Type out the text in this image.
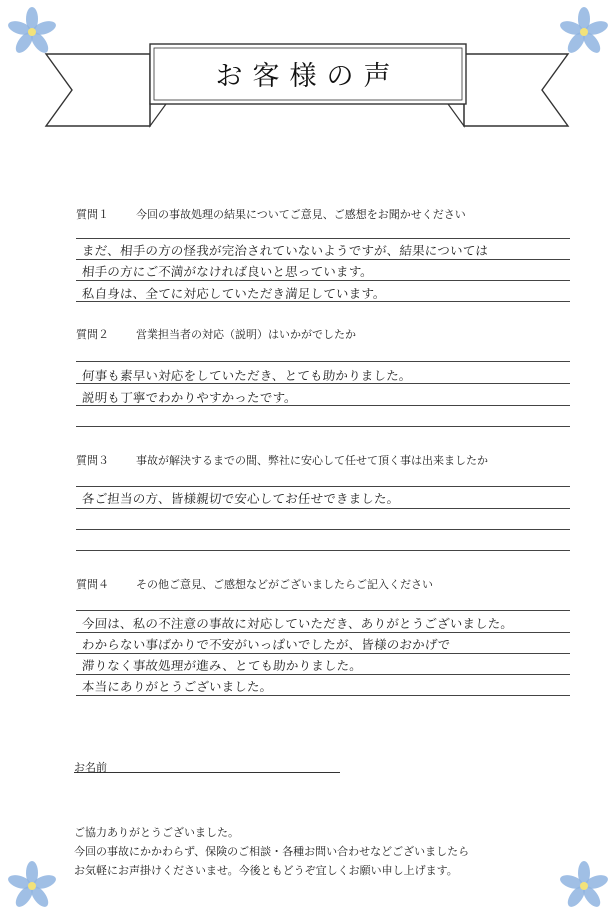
お客様の声
質問１ 今回の事故処理の結果についてご意見、ご感想をお聞かせください
まだ、相手の方の怪我が完治されていないようですが、結果については
相手の方にご不満がなければ良いと思っています。
私自身は、全てに対応していただき満足しています。
質問２ 営業担当者の対応（説明）はいかがでしたか
何事も素早い対応をしていただき、とても助かりました。
説明も丁寧でわかりやすかったです。
質問３ 事故が解決するまでの間、弊社に安心して任せて頂く事は出来ましたか
各ご担当の方、皆様親切で安心してお任せできました。
質問４ その他ご意見、ご感想などがございましたらご記入ください
今回は、私の不注意の事故に対応していただき、ありがとうございました。
わからない事ばかりで不安がいっぱいでしたが、皆様のおかげで
滞りなく事故処理が進み、とても助かりました。
本当にありがとうございました。
お名前
ご協力ありがとうございました。
今回の事故にかかわらず、保険のご相談・各種お問い合わせなどございましたら
お気軽にお声掛けくださいませ。今後ともどうぞ宜しくお願い申し上げます。
